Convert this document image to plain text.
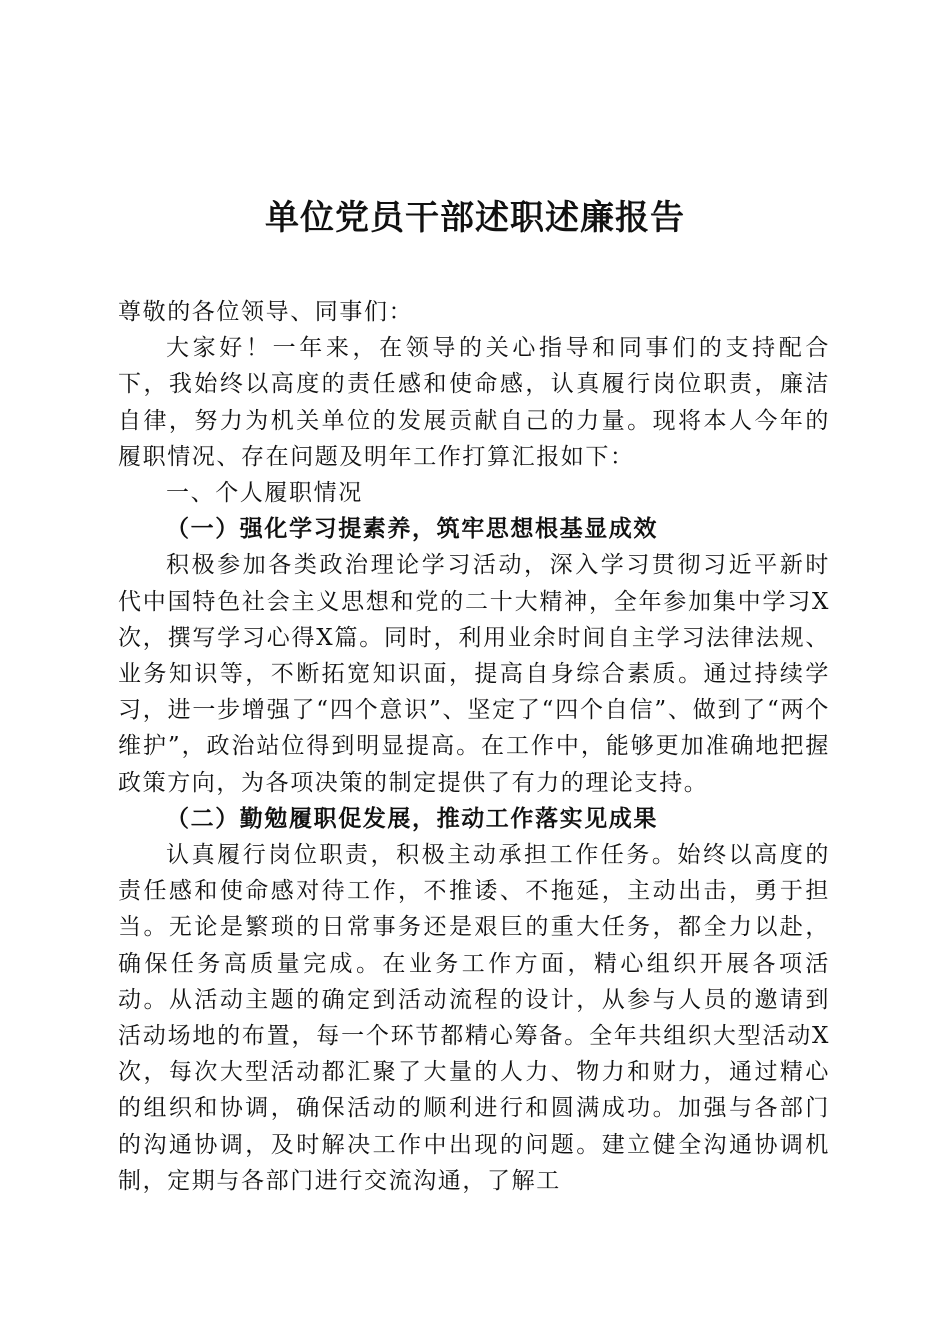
单位党员干部述职述廉报告

尊敬的各位领导、同事们：

大家好！一年来，在领导的关心指导和同事们的支持配合下，我始终以高度的责任感和使命感，认真履行岗位职责，廉洁自律，努力为机关单位的发展贡献自己的力量。现将本人今年的履职情况、存在问题及明年工作打算汇报如下：

一、个人履职情况

（一）强化学习提素养，筑牢思想根基显成效

积极参加各类政治理论学习活动，深入学习贯彻习近平新时代中国特色社会主义思想和党的二十大精神，全年参加集中学习X次，撰写学习心得X篇。同时，利用业余时间自主学习法律法规、业务知识等，不断拓宽知识面，提高自身综合素质。通过持续学习，进一步增强了“四个意识”、坚定了“四个自信”、做到了“两个维护”，政治站位得到明显提高。在工作中，能够更加准确地把握政策方向，为各项决策的制定提供了有力的理论支持。

（二）勤勉履职促发展，推动工作落实见成果

认真履行岗位职责，积极主动承担工作任务。始终以高度的责任感和使命感对待工作，不推诿、不拖延，主动出击，勇于担当。无论是繁琐的日常事务还是艰巨的重大任务，都全力以赴，确保任务高质量完成。在业务工作方面，精心组织开展各项活动。从活动主题的确定到活动流程的设计，从参与人员的邀请到活动场地的布置，每一个环节都精心筹备。全年共组织大型活动X次，每次大型活动都汇聚了大量的人力、物力和财力，通过精心的组织和协调，确保活动的顺利进行和圆满成功。加强与各部门的沟通协调，及时解决工作中出现的问题。建立健全沟通协调机制，定期与各部门进行交流沟通，了解工
